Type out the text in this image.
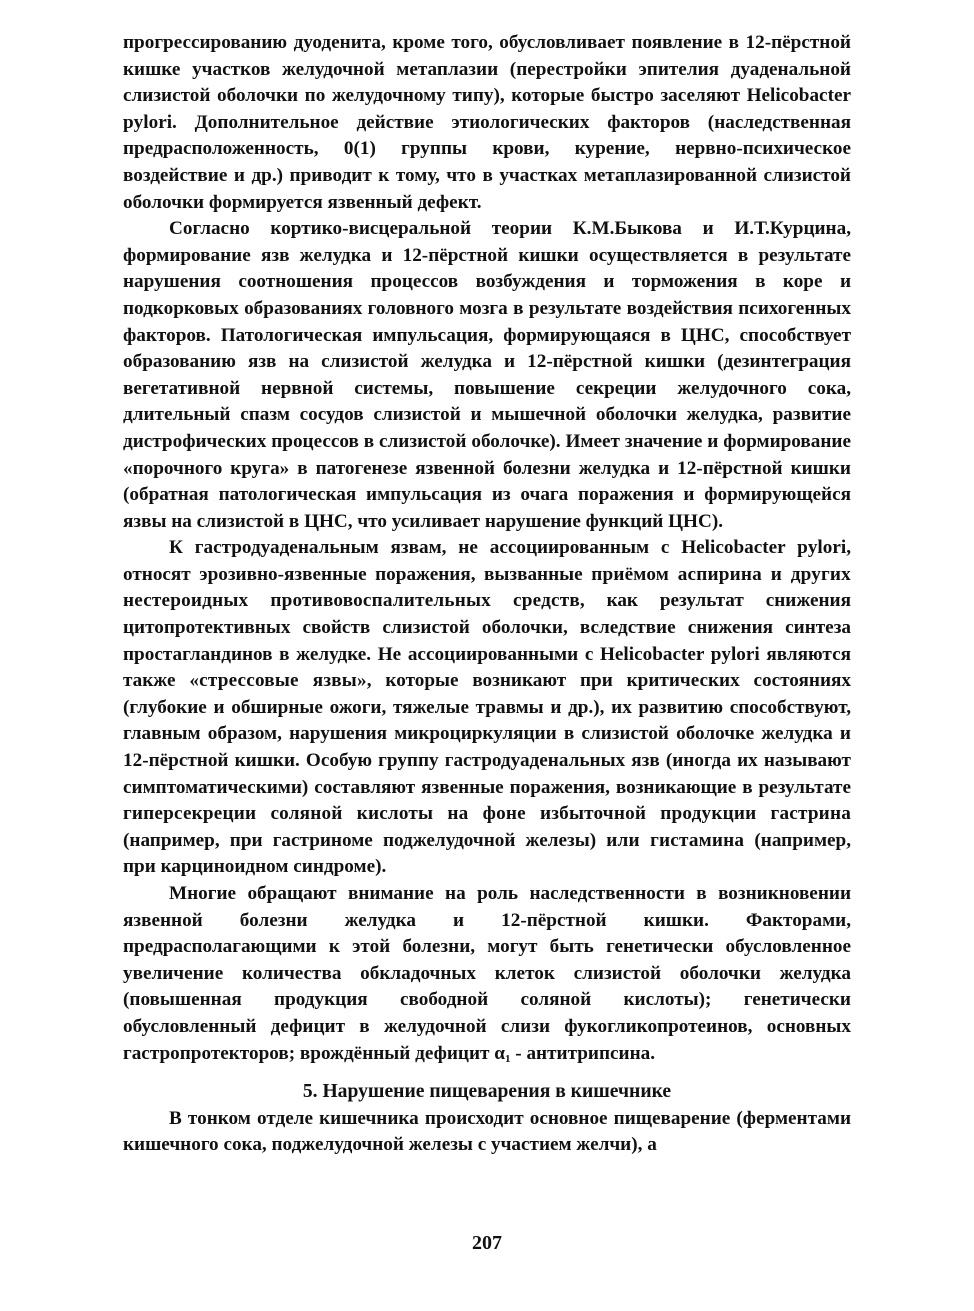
прогрессированию дуоденита, кроме того, обусловливает появление в 12-пёрстной кишке участков желудочной метаплазии (перестройки эпителия дуаденальной слизистой оболочки по желудочному типу), которые быстро заселяют Helicobacter pylori. Дополнительное действие этиологических факторов (наследственная предрасположенность, 0(1) группы крови, курение, нервно-психическое воздействие и др.) приводит к тому, что в участках метаплазированной слизистой оболочки формируется язвенный дефект.

Согласно кортико-висцеральной теории К.М.Быкова и И.Т.Курцина, формирование язв желудка и 12-пёрстной кишки осуществляется в результате нарушения соотношения процессов возбуждения и торможения в коре и подкорковых образованиях головного мозга в результате воздействия психогенных факторов. Патологическая импульсация, формирующаяся в ЦНС, способствует образованию язв на слизистой желудка и 12-пёрстной кишки (дезинтеграция вегетативной нервной системы, повышение секреции желудочного сока, длительный спазм сосудов слизистой и мышечной оболочки желудка, развитие дистрофических процессов в слизистой оболочке). Имеет значение и формирование «порочного круга» в патогенезе язвенной болезни желудка и 12-пёрстной кишки (обратная патологическая импульсация из очага поражения и формирующейся язвы на слизистой в ЦНС, что усиливает нарушение функций ЦНС).

К гастродуаденальным язвам, не ассоциированным с Helicobacter pylori, относят эрозивно-язвенные поражения, вызванные приёмом аспирина и других нестероидных противовоспалительных средств, как результат снижения цитопротективных свойств слизистой оболочки, вследствие снижения синтеза простагландинов в желудке. Не ассоциированными с Helicobacter pylori являются также «стрессовые язвы», которые возникают при критических состояниях (глубокие и обширные ожоги, тяжелые травмы и др.), их развитию способствуют, главным образом, нарушения микроциркуляции в слизистой оболочке желудка и 12-пёрстной кишки. Особую группу гастродуаденальных язв (иногда их называют симптоматическими) составляют язвенные поражения, возникающие в результате гиперсекреции соляной кислоты на фоне избыточной продукции гастрина (например, при гастриноме поджелудочной железы) или гистамина (например, при карциноидном синдроме).

Многие обращают внимание на роль наследственности в возникновении язвенной болезни желудка и 12-пёрстной кишки. Факторами, предрасполагающими к этой болезни, могут быть генетически обусловленное увеличение количества обкладочных клеток слизистой оболочки желудка (повышенная продукция свободной соляной кислоты); генетически обусловленный дефицит в желудочной слизи фукогликопротеинов, основных гастропротекторов; врождённый дефицит $\alpha_1$ - антитрипсина.

5. Нарушение пищеварения в кишечнике

В тонком отделе кишечника происходит основное пищеварение (ферментами кишечного сока, поджелудочной железы с участием желчи), а

207
